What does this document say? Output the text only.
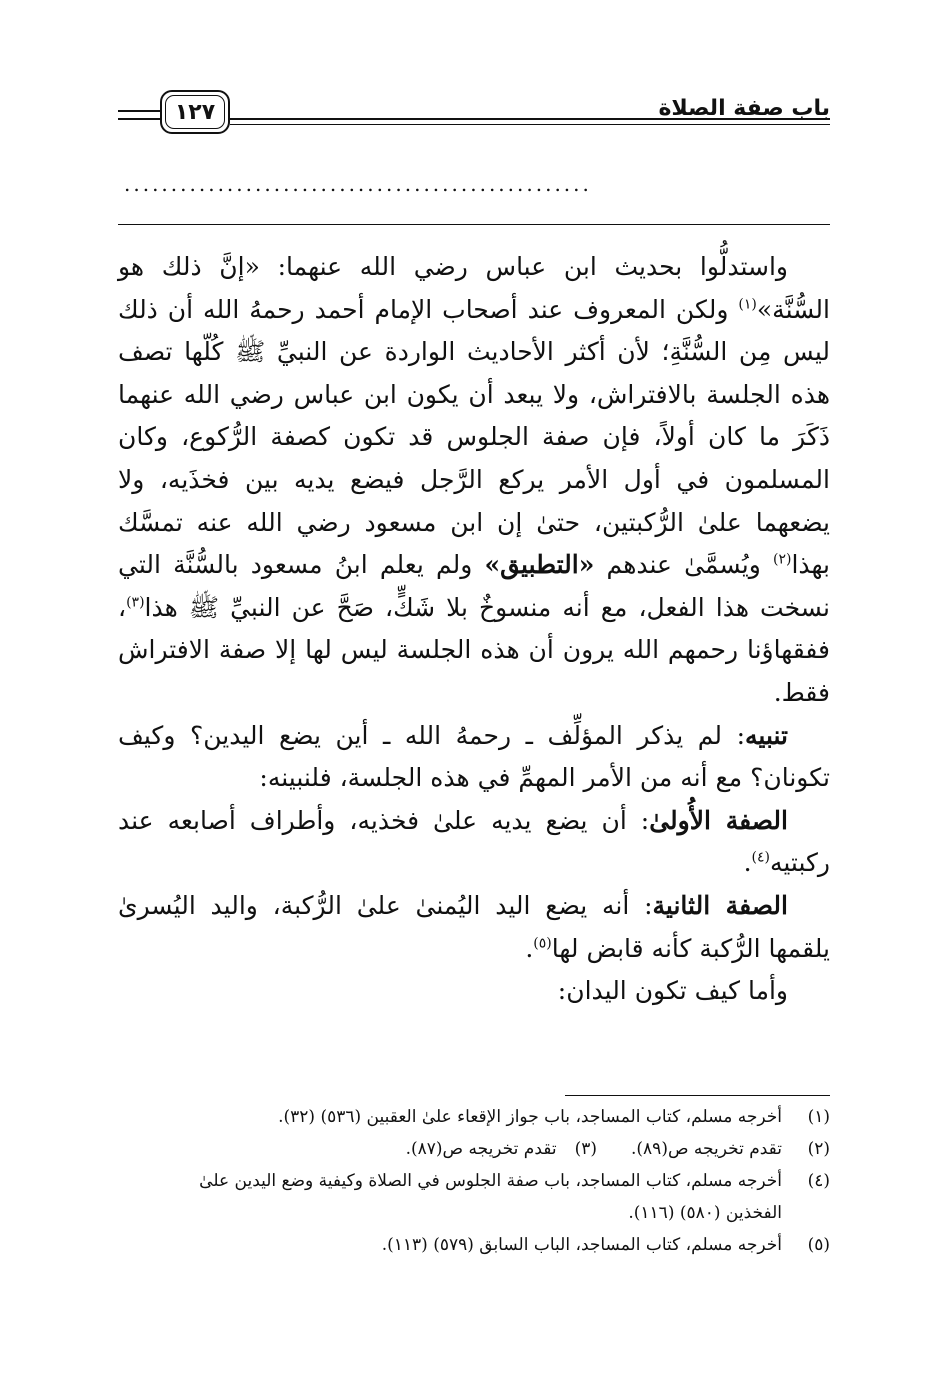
١٢٧	باب صفة الصلاة
..................................................

واستدلُّوا بحديث ابن عباس رضي الله عنهما: «إنَّ ذلك هو السُّنَّة»$^{(١)}$ ولكن المعروف عند أصحاب الإمام أحمد رحمهُ الله أن ذلك ليس مِن السُّنَّةِ؛ لأن أكثر الأحاديث الواردة عن النبيِّ ﷺ كُلّها تصف هذه الجلسة بالافتراش، ولا يبعد أن يكون ابن عباس رضي الله عنهما ذَكَرَ ما كان أولاً، فإن صفة الجلوس قد تكون كصفة الرُّكوع، وكان المسلمون في أول الأمر يركع الرَّجل فيضع يديه بين فخذَيه، ولا يضعهما علىٰ الرُّكبتين، حتىٰ إن ابن مسعود رضي الله عنه تمسَّك بهذا$^{(٢)}$ ويُسمَّىٰ عندهم «التطبيق» ولم يعلم ابنُ مسعود بالسُّنَّة التي نسخت هذا الفعل، مع أنه منسوخٌ بلا شَكٍّ، صَحَّ عن النبيِّ ﷺ هذا$^{(٣)}$، ففقهاؤنا رحمهم الله يرون أن هذه الجلسة ليس لها إلا صفة الافتراش فقط.

تنبيه: لم يذكر المؤلِّف ـ رحمهُ الله ـ أين يضع اليدين؟ وكيف تكونان؟ مع أنه من الأمر المهمِّ في هذه الجلسة، فلنبينه:

الصفة الأُولىٰ: أن يضع يديه علىٰ فخذيه، وأطراف أصابعه عند ركبتيه$^{(٤)}$.

الصفة الثانية: أنه يضع اليد اليُمنىٰ علىٰ الرُّكبة، واليد اليُسرىٰ يلقمها الرُّكبة كأنه قابض لها$^{(٥)}$.

وأما كيف تكون اليدان:

(١)
أخرجه مسلم، كتاب المساجد، باب جواز الإقعاء علىٰ العقبين (٥٣٦) (٣٢).

(٢)
تقدم تخريجه ص(٨٩).(٣)تقدم تخريجه ص(٨٧).

(٤)
أخرجه مسلم، كتاب المساجد، باب صفة الجلوس في الصلاة وكيفية وضع اليدين علىٰ الفخذين (٥٨٠) (١١٦).

(٥)
أخرجه مسلم، كتاب المساجد، الباب السابق (٥٧٩) (١١٣).
